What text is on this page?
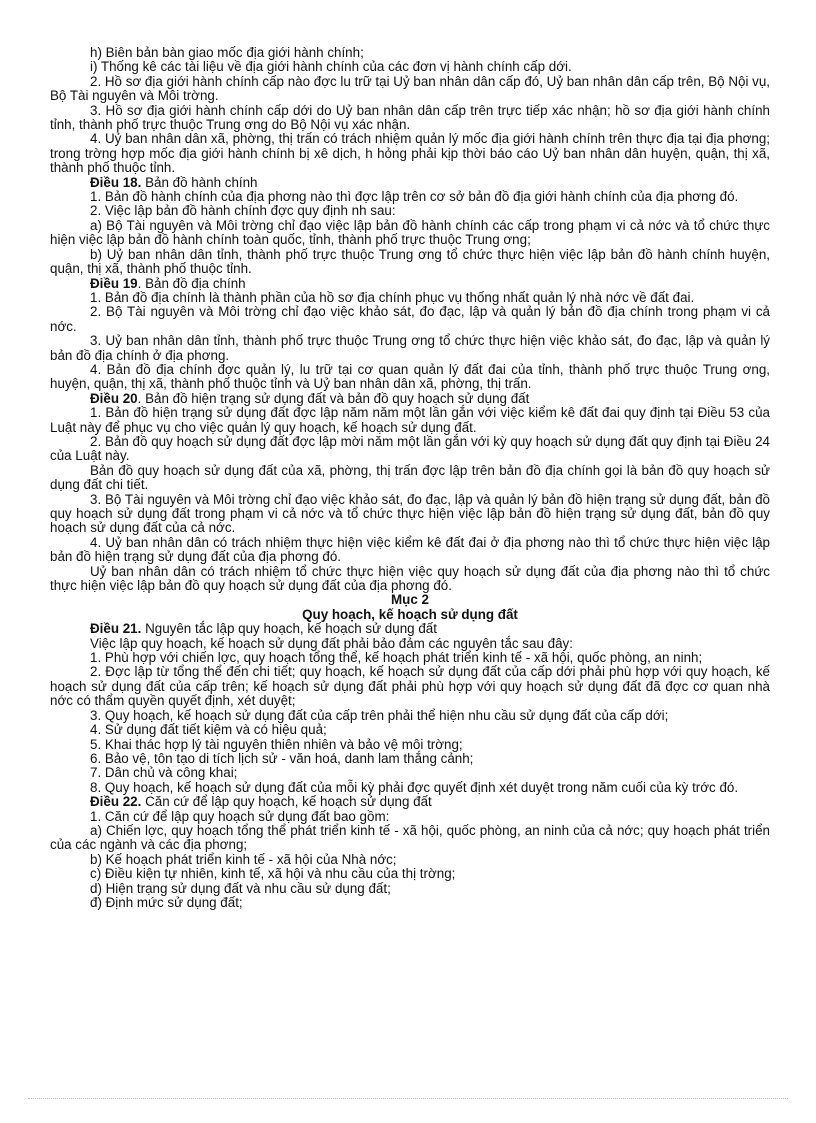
h) Biên bản bàn giao mốc địa giới hành chính;

i) Thống kê các tài liệu về địa giới hành chính của các đơn vị hành chính cấp dới.

2. Hồ sơ địa giới hành chính cấp nào đợc lu trữ tại Uỷ ban nhân dân cấp đó, Uỷ ban nhân dân cấp trên, Bộ Nội vụ, Bộ Tài nguyên và Môi trờng.

3. Hồ sơ địa giới hành chính cấp dới do Uỷ ban nhân dân cấp trên trực tiếp xác nhận; hồ sơ địa giới hành chính tỉnh, thành phố trực thuộc Trung ơng do Bộ Nội vụ xác nhận.

4. Uỷ ban nhân dân xã, phờng, thị trấn có trách nhiệm quản lý mốc địa giới hành chính trên thực địa tại địa phơng; trong trờng hợp mốc địa giới hành chính bị xê dịch, h hỏng phải kịp thời báo cáo Uỷ ban nhân dân huyện, quận, thị xã, thành phố thuộc tỉnh.

Điều 18. Bản đồ hành chính

1. Bản đồ hành chính của địa phơng nào thì đợc lập trên cơ sở bản đồ địa giới hành chính của địa phơng đó.

2. Việc lập bản đồ hành chính đợc quy định nh sau:

a) Bộ Tài nguyên và Môi trờng chỉ đạo việc lập bản đồ hành chính các cấp trong phạm vi cả nớc và tổ chức thực hiện việc lập bản đồ hành chính toàn quốc, tỉnh, thành phố trực thuộc Trung ơng;

b) Uỷ ban nhân dân tỉnh, thành phố trực thuộc Trung ơng tổ chức thực hiện việc lập bản đồ hành chính huyện, quận, thị xã, thành phố thuộc tỉnh.

Điều 19. Bản đồ địa chính

1. Bản đồ địa chính là thành phần của hồ sơ địa chính phục vụ thống nhất quản lý nhà nớc về đất đai.

2. Bộ Tài nguyên và Môi trờng chỉ đạo việc khảo sát, đo đạc, lập và quản lý bản đồ địa chính trong phạm vi cả nớc.

3. Uỷ ban nhân dân tỉnh, thành phố trực thuộc Trung ơng tổ chức thực hiện việc khảo sát, đo đạc, lập và quản lý bản đồ địa chính ở địa phơng.

4. Bản đồ địa chính đợc quản lý, lu trữ tại cơ quan quản lý đất đai của tỉnh, thành phố trực thuộc Trung ơng, huyện, quận, thị xã, thành phố thuộc tỉnh và Uỷ ban nhân dân xã, phờng, thị trấn.

Điều 20. Bản đồ hiện trạng sử dụng đất và bản đồ quy hoạch sử dụng đất

1. Bản đồ hiện trạng sử dụng đất đợc lập năm năm một lần gắn với việc kiểm kê đất đai quy định tại Điều 53 của Luật này để phục vụ cho việc quản lý quy hoạch, kế hoạch sử dụng đất.

2. Bản đồ quy hoạch sử dụng đất đợc lập mời năm một lần gắn với kỳ quy hoạch sử dụng đất quy định tại Điều 24 của Luật này.

Bản đồ quy hoạch sử dụng đất của xã, phờng, thị trấn đợc lập trên bản đồ địa chính gọi là bản đồ quy hoạch sử dụng đất chi tiết.

3. Bộ Tài nguyên và Môi trờng chỉ đạo việc khảo sát, đo đạc, lập và quản lý bản đồ hiện trạng sử dụng đất, bản đồ quy hoạch sử dụng đất trong phạm vi cả nớc và tổ chức thực hiện việc lập bản đồ hiện trạng sử dụng đất, bản đồ quy hoạch sử dụng đất của cả nớc.

4. Uỷ ban nhân dân có trách nhiệm thực hiện việc kiểm kê đất đai ở địa phơng nào thì tổ chức thực hiện việc lập bản đồ hiện trạng sử dụng đất của địa phơng đó.

Uỷ ban nhân dân có trách nhiệm tổ chức thực hiện việc quy hoạch sử dụng đất của địa phơng nào thì tổ chức thực hiện việc lập bản đồ quy hoạch sử dụng đất của địa phơng đó.

Mục 2

Quy hoạch, kế hoạch sử dụng đất

Điều 21. Nguyên tắc lập quy hoạch, kế hoạch sử dụng đất

Việc lập quy hoạch, kế hoạch sử dụng đất phải bảo đảm các nguyên tắc sau đây:

1. Phù hợp với chiến lợc, quy hoạch tổng thể, kế hoạch phát triển kinh tế - xã hội, quốc phòng, an ninh;

2. Đợc lập từ tổng thể đến chi tiết; quy hoạch, kế hoạch sử dụng đất của cấp dới phải phù hợp với quy hoạch, kế hoạch sử dụng đất của cấp trên; kế hoạch sử dụng đất phải phù hợp với quy hoạch sử dụng đất đã đợc cơ quan nhà nớc có thẩm quyền quyết định, xét duyệt;

3. Quy hoạch, kế hoạch sử dụng đất của cấp trên phải thể hiện nhu cầu sử dụng đất của cấp dới;

4. Sử dụng đất tiết kiệm và có hiệu quả;

5. Khai thác hợp lý tài nguyên thiên nhiên và bảo vệ môi trờng;

6. Bảo vệ, tôn tạo di tích lịch sử - văn hoá, danh lam thắng cảnh;

7. Dân chủ và công khai;

8. Quy hoạch, kế hoạch sử dụng đất của mỗi kỳ phải đợc quyết định xét duyệt trong năm cuối của kỳ trớc đó.

Điều 22. Căn cứ để lập quy hoạch, kế hoạch sử dụng đất

1. Căn cứ để lập quy hoạch sử dụng đất bao gồm:

a) Chiến lợc, quy hoạch tổng thể phát triển kinh tế - xã hội, quốc phòng, an ninh của cả nớc; quy hoạch phát triển của các ngành và các địa phơng;

b) Kế hoạch phát triển kinh tế - xã hội của Nhà nớc;

c) Điều kiện tự nhiên, kinh tế, xã hội và nhu cầu của thị trờng;

d) Hiện trạng sử dụng đất và nhu cầu sử dụng đất;

đ) Định mức sử dụng đất;
